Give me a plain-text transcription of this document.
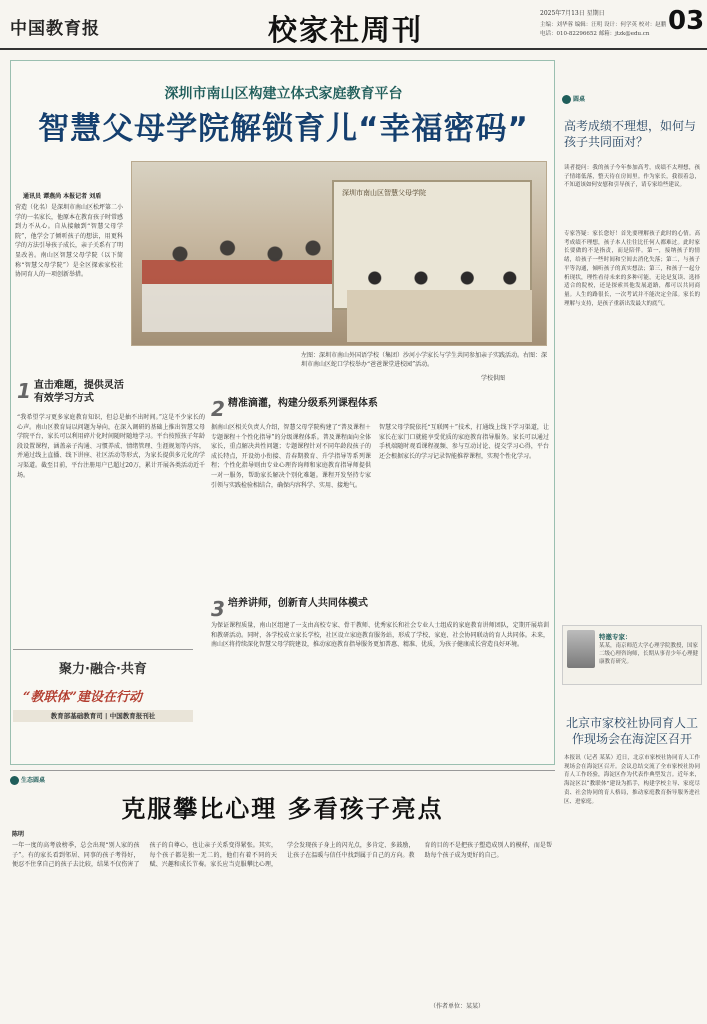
中国教育报	校家社周刊	2025年7月13日 星期日
主编：刘华蓉 编辑：汪明 设计：何学英 校对：赵鹏
电话：010-82296652 邮箱：jtzk@edu.cn 03
深圳市南山区构建立体式家庭教育平台
智慧父母学院解锁育儿“幸福密码”
深圳市南山区智慧父母学院
通讯员 谭燕尚 本报记者 刘盾
营造（化名）是深圳市南山区松坪第二小学的一名家长，他原本在教育孩子时常感到力不从心。自从接触到“智慧父母学院”，他学会了倾听孩子的想法，用更科学的方法引导孩子成长，亲子关系有了明显改善。南山区智慧父母学院（以下简称“智慧父母学院”）是全区探索家校社协同育人的一项创新举措。
左图：深圳市南山外国语学校（集团）沙河小学家长与学生共同参加亲子实践活动。右图：深圳市南山区蛇口学校举办“爸爸课堂进校园”活动。
学校供图
1 直击难题，提供灵活有效学习方式
“我希望学习更多家庭教育知识，但总是抽不出时间。”这是不少家长的心声。南山区教育局以问题为导向，在深入调研的基础上推出智慧父母学院平台，家长可以利用碎片化时间随时随地学习。平台按照孩子年龄段设置课程，涵盖亲子沟通、习惯养成、情绪管理、生涯规划等内容，并通过线上直播、线下讲座、社区活动等形式，为家长提供多元化的学习渠道。截至目前，平台注册用户已超过20万，累计开展各类活动近千场。
2 精准滴灌，构建分级系列课程体系
据南山区相关负责人介绍，智慧父母学院构建了“普及课程＋专题课程＋个性化指导”的分级课程体系。普及课程面向全体家长，重点解决共性问题；专题课程针对不同年龄段孩子的成长特点，开设幼小衔接、青春期教育、升学指导等系列课程；个性化指导则由专业心理咨询师和家庭教育指导师提供一对一服务，帮助家长解决个别化难题。课程开发坚持专家引领与实践检验相结合，确保内容科学、实用、接地气。
智慧父母学院依托“互联网＋”技术，打通线上线下学习渠道，让家长在家门口就能享受优质的家庭教育指导服务。家长可以通过手机端随时观看课程视频、参与互动讨论、提交学习心得，平台还会根据家长的学习记录智能推荐课程，实现个性化学习。
3 培养讲师，创新育人共同体模式
为保证课程质量，南山区组建了一支由高校专家、骨干教师、优秀家长和社会专业人士组成的家庭教育讲师团队，定期开展培训和教研活动。同时，各学校成立家长学校，社区设立家庭教育服务站，形成了学校、家庭、社会协同联动的育人共同体。未来，南山区将持续深化智慧父母学院建设，推动家庭教育指导服务更加普惠、精准、优质，为孩子健康成长营造良好环境。
聚力·融合·共育
“教联体”建设在行动
教育部基础教育司 | 中国教育报刊社
圆桌
高考成绩不理想，如何与孩子共同面对？
读者提问：我的孩子今年参加高考，成绩不太理想，孩子情绪低落，整天待在房间里。作为家长，我很着急，不知道该如何安慰和引导孩子，请专家给些建议。
专家答疑：家长您好！首先要理解孩子此时的心情。高考成绩不理想，孩子本人往往比任何人都难过。此时家长要做的不是指责，而是陪伴。第一，接纳孩子的情绪，给孩子一些时间和空间去消化失落；第二，与孩子平等沟通，倾听孩子的真实想法；第三，和孩子一起分析现状，理性看待未来的多种可能，无论是复读、选择适合的院校，还是探索其他发展道路，都可以共同商量。人生的路很长，一次考试并不能决定全部。家长的理解与支持，是孩子重新出发最大的底气。
特邀专家：
某某，南京师范大学心理学院教授，国家二级心理咨询师，长期从事青少年心理健康教育研究。
北京市家校社协同育人工作现场会在海淀区召开
本报讯（记者 某某）近日，北京市家校社协同育人工作现场会在海淀区召开。会议总结交流了全市家校社协同育人工作经验，海淀区作为代表作典型发言。近年来，海淀区以“教联体”建设为抓手，构建学校主导、家庭尽责、社会协同的育人格局，推动家庭教育指导服务进社区、进家庭。
生态圆桌
克服攀比心理 多看孩子亮点
陈明
一年一度的高考放榜季，总会出现“别人家的孩子”。有的家长看到邻居、同事的孩子考得好，便忍不住拿自己的孩子去比较，结果不仅伤害了孩子的自尊心，也让亲子关系变得紧张。其实，每个孩子都是独一无二的，他们有着不同的天赋、兴趣和成长节奏。家长应当克服攀比心理，学会发现孩子身上的闪光点，多肯定、多鼓励，让孩子在温暖与信任中找到属于自己的方向。教育的目的不是把孩子塑造成别人的模样，而是帮助每个孩子成为更好的自己。
（作者单位：某某）
